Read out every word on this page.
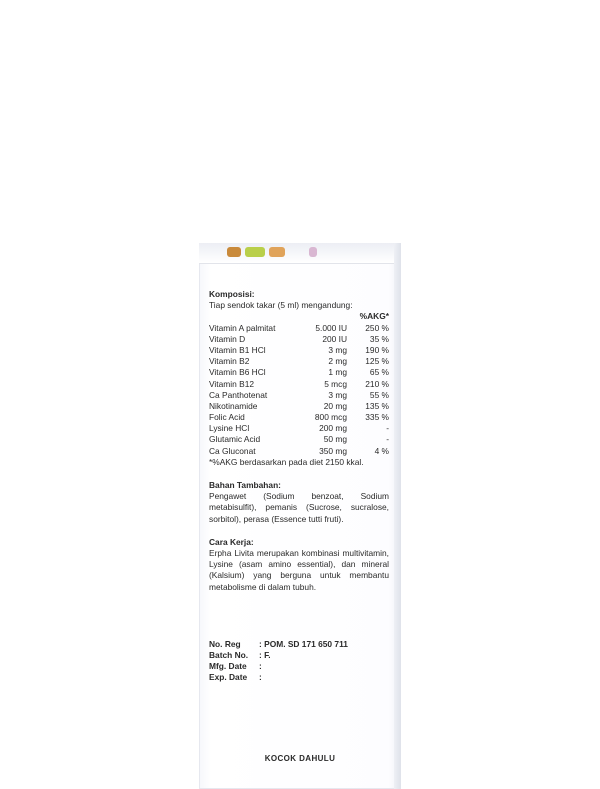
Komposisi:
Tiap sendok takar (5 ml) mengandung:
%AKG*
Vitamin A palmitat	5.000 IU 250 %
Vitamin D	200 IU	35 %
Vitamin B1 HCl	3 mg 190 %
Vitamin B2	2 mg 125 %
Vitamin B6 HCl	1 mg	65 %
Vitamin B12	5 mcg 210 %
Ca Panthotenat	3 mg	55 %
Nikotinamide	20 mg 135 %
Folic Acid	800 mcg 335 %
Lysine HCl	200 mg	-
Glutamic Acid	50 mg	-
Ca Gluconat	350 mg	4 %
*%AKG berdasarkan pada diet 2150 kkal.
Bahan Tambahan:
Pengawet (Sodium benzoat, Sodium metabisulfit), pemanis (Sucrose, sucralose, sorbitol), perasa (Essence tutti fruti).
Cara Kerja:
Erpha Livita merupakan kombinasi multivitamin, Lysine (asam amino essential), dan mineral (Kalsium) yang berguna untuk membantu metabolisme di dalam tubuh.
No. Reg : POM. SD 171 650 711
Batch No. : F.
Mfg. Date :
Exp. Date :
KOCOK DAHULU
